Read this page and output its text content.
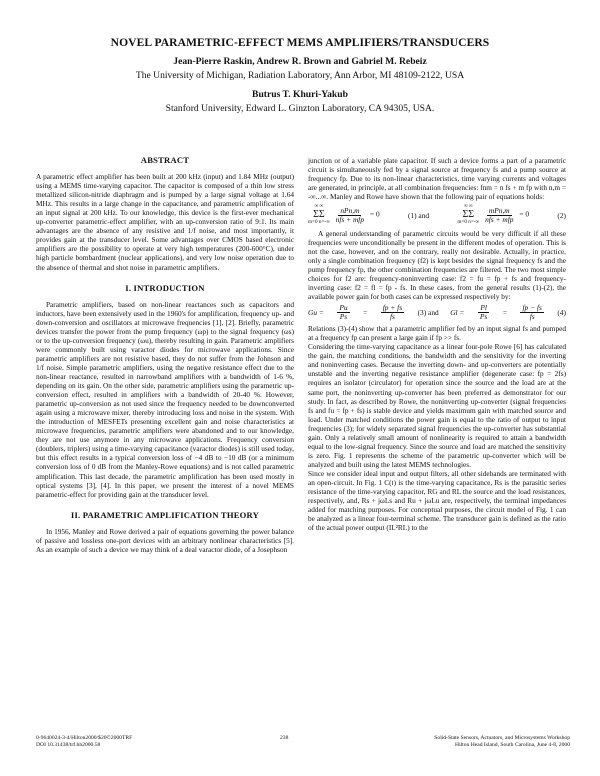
NOVEL PARAMETRIC-EFFECT MEMS AMPLIFIERS/TRANSDUCERS
Jean-Pierre Raskin, Andrew R. Brown and Gabriel M. Rebeiz
The University of Michigan, Radiation Laboratory, Ann Arbor, MI 48109-2122, USA
Butrus T. Khuri-Yakub
Stanford University, Edward L. Ginzton Laboratory, CA 94305, USA.
ABSTRACT

A parametric effect amplifier has been built at 200 kHz (input) and 1.84 MHz (output) using a MEMS time-varying capacitor. The capacitor is composed of a thin low stress metallized silicon-nitride diaphragm and is pumped by a large signal voltage at 1.64 MHz. This results in a large change in the capacitance, and parametric amplification of an input signal at 200 kHz. To our knowledge, this device is the first-ever mechanical up-converter parametric-effect amplifier, with an up-conversion ratio of 9:1. Its main advantages are the absence of any resistive and 1/f noise, and most importantly, it provides gain at the transducer level. Some advantages over CMOS based electronic amplifiers are the possibility to operate at very high temperatures (200-600°C), under high particle bombardment (nuclear applications), and very low noise operation due to the absence of thermal and shot noise in parametric amplifiers.

I. INTRODUCTION

Parametric amplifiers, based on non-linear reactances such as capacitors and inductors, have been extensively used in the 1960's for amplification, frequency up- and down-conversion and oscillators at microwave frequencies [1], [2]. Briefly, parametric devices transfer the power from the pump frequency (ωp) to the signal frequency (ωs) or to the up-conversion frequency (ωu), thereby resulting in gain. Parametric amplifiers were commonly built using varactor diodes for microwave applications. Since parametric amplifiers are not resistive based, they do not suffer from the Johnson and 1/f noise. Simple parametric amplifiers, using the negative resistance effect due to the non-linear reactance, resulted in narrowband amplifiers with a bandwidth of 1-6 %, depending on its gain. On the other side, parametric amplifiers using the parametric up-conversion effect, resulted in amplifiers with a bandwidth of 20-40 %. However, parametric up-conversion as not used since the frequency needed to be downconverted again using a microwave mixer, thereby introducing loss and noise in the system. With the introduction of MESFETs presenting excellent gain and noise characteristics at microwave frequencies, parametric amplifiers were abandoned and to our knowledge, they are not use anymore in any microwave applications. Frequency conversion (doublers, triplers) using a time-varying capacitance (varactor diodes) is still used today, but this effect results in a typical conversion loss of −4 dB to −10 dB (or a minimum conversion loss of 0 dB from the Manley-Rowe equations) and is not called parametric amplification. This last decade, the parametric amplification has been used mostly in optical systems [3], [4]. In this paper, we present the interest of a novel MEMS parametric-effect for providing gain at the transducer level.

II. PARAMETRIC AMPLIFICATION THEORY

In 1956, Manley and Rowe derived a pair of equations governing the power balance of passive and lossless one-port devices with an arbitrary nonlinear characteristics [5]. As an example of such a device we may think of a deal varactor diode, of a Josephson

junction or of a variable plate capacitor. If such a device forms a part of a parametric circuit is simultaneously fed by a signal source at frequency fs and a pump source at frequency fp. Due to its non-linear characteristics, time varying currents and voltages are generated, in principle, at all combination frequencies: fnm = n fs + m fp with n,m = -∞...∞. Manley and Rowe have shown that the following pair of equations holds:

∞ ∞
ΣΣ
m=0 n=-∞
$\frac{\text{nPn,m}}{\text{nfs + mfp}} = 0$	(1) and
∞ ∞
ΣΣ
m=0 n=-∞
$\frac{\text{mPn,m}}{\text{nfs + mfp}} = 0$	(2)

A general understanding of parametric circuits would be very difficult if all these frequencies were unconditionally be present in the different modes of operation. This is not the case, however, and on the contrary, really not desirable. Actually, in practice, only a single combination frequency (f2) is kept besides the signal frequency fs and the pump frequency fp, the other combination frequencies are filtered. The two most simple choices for f2 are: frequency-noninverting case: f2 = fu = fp + fs and frequency-inverting case: f2 = fl = fp - fs. In these cases, from the general results (1)-(2), the available power gain for both cases can be expressed respectively by:

$Gu = \frac{Pu}{Ps} = \frac{fp + fs}{fs} (3)$ and $Gl = \frac{Pl}{Ps} = \frac{fp - fs}{fs} (4)$

Relations (3)-(4) show that a parametric amplifier fed by an input signal fs and pumped at a frequency fp can present a large gain if fp >> fs.

Considering the time-varying capacitance as a linear four-pole Rowe [6] has calculated the gain, the matching conditions, the bandwidth and the sensitivity for the inverting and noninverting cases. Because the inverting down- and up-converters are potentially unstable and the inverting negative resistance amplifier (degenerate case: fp = 2fs) requires an isolator (circulator) for operation since the source and the load are at the same port, the noninverting up-converter has been preferred as demonstrator for our study. In fact, as described by Rowe, the noninverting up-converter (signal frequencies fs and fu = fp + fs) is stable device and yields maximum gain with matched source and load. Under matched conditions the power gain is equal to the ratio of output to input frequencies (3); for widely separated signal frequencies the up-converter has substantial gain. Only a relatively small amount of nonlinearity is required to attain a bandwidth equal to the low-signal frequency. Since the source and load are matched the sensitivity is zero. Fig. 1 represents the scheme of the parametric up-converter which will be analyzed and built using the latest MEMS technologies.

Since we consider ideal input and output filters, all other sidebands are terminated with an open-circuit. In Fig. 1 C(t) is the time-varying capacitance, Rs is the parasitic series resistance of the time-varying capacitor, RG and RL the source and the load resistances, respectively, and, Rs + jωLs and Ru + jωLu are, respectively, the terminal impedances added for matching purposes. For conceptual purposes, the circuit model of Fig. 1 can be analyzed as a linear four-terminal scheme. The transducer gain is defined as the ratio of the actual power output (IL²RL) to the

0-9640024-3-4/Hilton2000/$20©2000TRF
DOI 10.31438/trf.hh2000.58
238	Solid-State Sensors, Actuators, and Microsystems Workshop
Hilton Head Island, South Carolina, June 4-8, 2000
